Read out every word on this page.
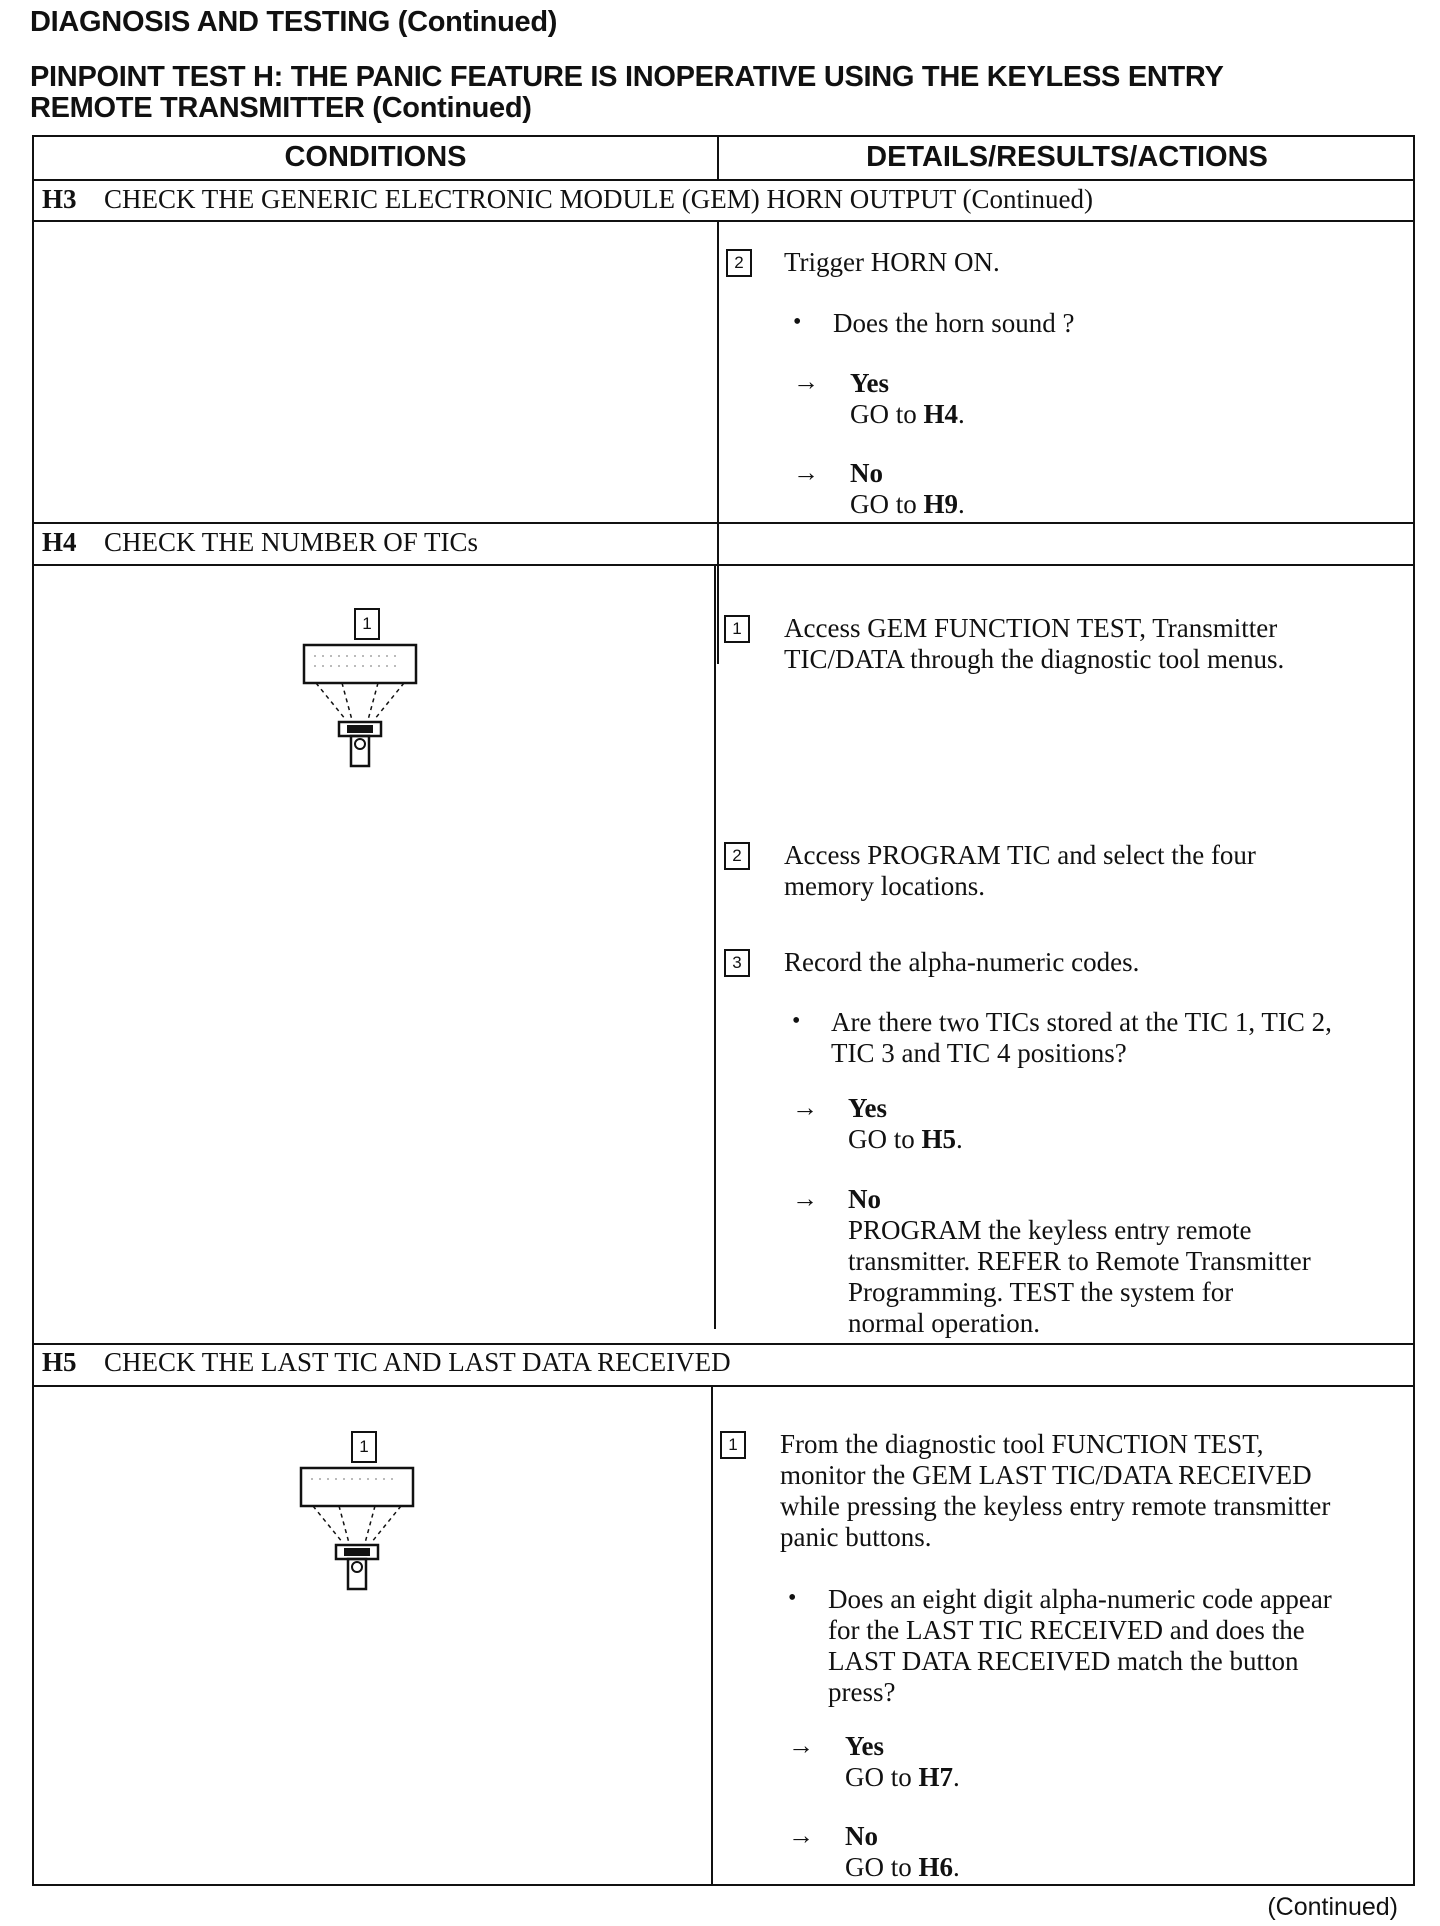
DIAGNOSIS AND TESTING (Continued)
PINPOINT TEST H: THE PANIC FEATURE IS INOPERATIVE USING THE KEYLESS ENTRY
REMOTE TRANSMITTER (Continued)
CONDITIONS	DETAILS/RESULTS/ACTIONS
H3 CHECK THE GENERIC ELECTRONIC MODULE (GEM) HORN OUTPUT (Continued)
2	Trigger HORN ON.
• Does the horn sound ?
→ Yes
GO to H4.
→ No
GO to H9.
H4 CHECK THE NUMBER OF TICs
1	1	Access GEM FUNCTION TEST, Transmitter
TIC/DATA through the diagnostic tool menus.
2	Access PROGRAM TIC and select the four
memory locations.
3	Record the alpha-numeric codes.
• Are there two TICs stored at the TIC 1, TIC 2,
TIC 3 and TIC 4 positions?
→ Yes
GO to H5.
→ No
PROGRAM the keyless entry remote
transmitter. REFER to Remote Transmitter
Programming. TEST the system for
normal operation.
H5 CHECK THE LAST TIC AND LAST DATA RECEIVED
1	1	From the diagnostic tool FUNCTION TEST,
monitor the GEM LAST TIC/DATA RECEIVED
while pressing the keyless entry remote transmitter
panic buttons.
• Does an eight digit alpha-numeric code appear
for the LAST TIC RECEIVED and does the
LAST DATA RECEIVED match the button
press?
→ Yes
GO to H7.
→ No
GO to H6.
(Continued)
